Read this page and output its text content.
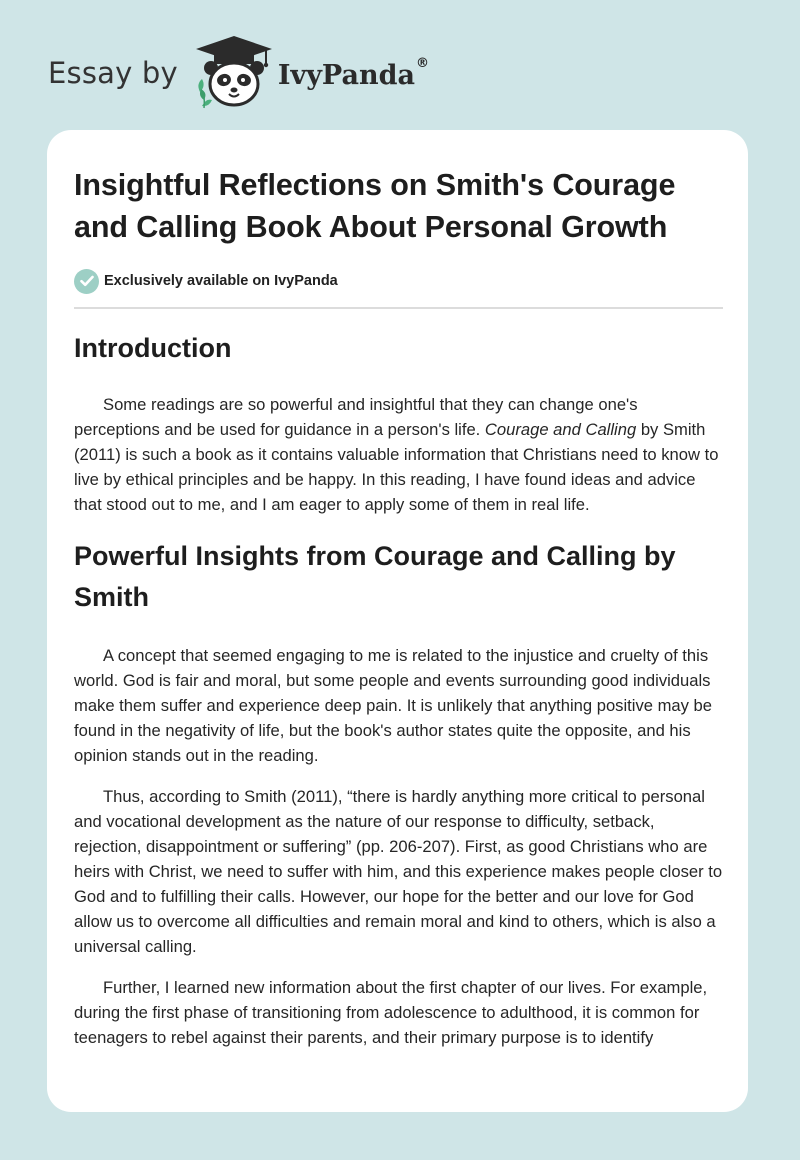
Essay by	IvyPanda®
Insightful Reflections on Smith's Courage and Calling Book About Personal Growth
Exclusively available on IvyPanda
Introduction

Some readings are so powerful and insightful that they can change one's perceptions and be used for guidance in a person's life. Courage and Calling by Smith (2011) is such a book as it contains valuable information that Christians need to know to live by ethical principles and be happy. In this reading, I have found ideas and advice that stood out to me, and I am eager to apply some of them in real life.

Powerful Insights from Courage and Calling by Smith

A concept that seemed engaging to me is related to the injustice and cruelty of this world. God is fair and moral, but some people and events surrounding good individuals make them suffer and experience deep pain. It is unlikely that anything positive may be found in the negativity of life, but the book's author states quite the opposite, and his opinion stands out in the reading.

Thus, according to Smith (2011), “there is hardly anything more critical to personal and vocational development as the nature of our response to difficulty, setback, rejection, disappointment or suffering” (pp. 206-207). First, as good Christians who are heirs with Christ, we need to suffer with him, and this experience makes people closer to God and to fulfilling their calls. However, our hope for the better and our love for God allow us to overcome all difficulties and remain moral and kind to others, which is also a universal calling.

Further, I learned new information about the first chapter of our lives. For example, during the first phase of transitioning from adolescence to adulthood, it is common for teenagers to rebel against their parents, and their primary purpose is to identify
